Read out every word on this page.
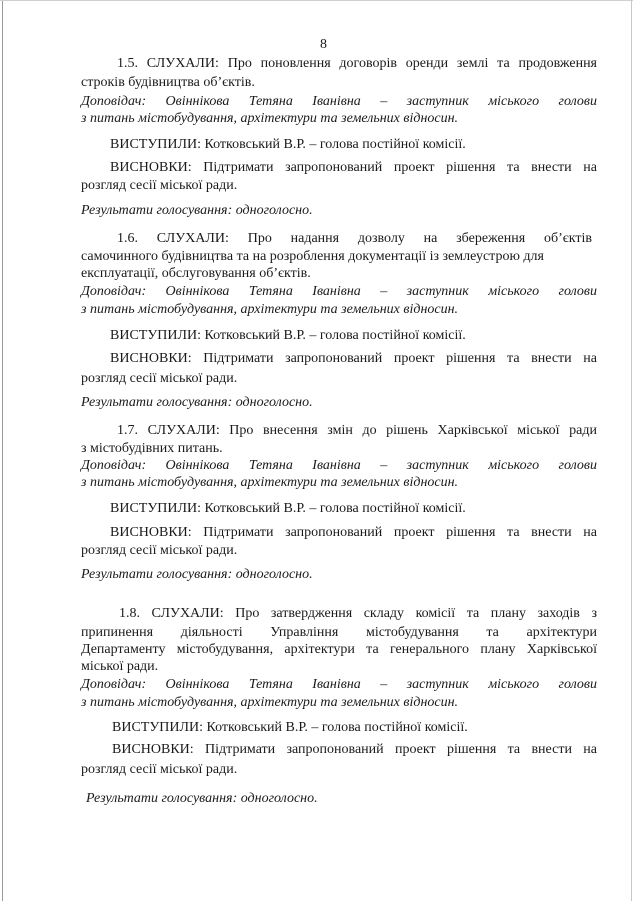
8
1.5. СЛУХАЛИ: Про поновлення договорів оренди землі та продовження
строків будівництва об’єктів.
Доповідач: Овіннікова Тетяна Іванівна – заступник міського голови
з питань містобудування, архітектури та земельних відносин.
ВИСТУПИЛИ: Котковський В.Р. – голова постійної комісії.
ВИСНОВКИ: Підтримати запропонований проект рішення та внести на
розгляд сесії міської ради.
Результати голосування: одноголосно.
1.6. СЛУХАЛИ: Про надання дозволу на збереження об’єктів
самочинного будівництва та на розроблення документації із землеустрою для
експлуатації, обслуговування об’єктів.
Доповідач: Овіннікова Тетяна Іванівна – заступник міського голови
з питань містобудування, архітектури та земельних відносин.
ВИСТУПИЛИ: Котковський В.Р. – голова постійної комісії.
ВИСНОВКИ: Підтримати запропонований проект рішення та внести на
розгляд сесії міської ради.
Результати голосування: одноголосно.
1.7. СЛУХАЛИ: Про внесення змін до рішень Харківської міської ради
з містобудівних питань.
Доповідач: Овіннікова Тетяна Іванівна – заступник міського голови
з питань містобудування, архітектури та земельних відносин.
ВИСТУПИЛИ: Котковський В.Р. – голова постійної комісії.
ВИСНОВКИ: Підтримати запропонований проект рішення та внести на
розгляд сесії міської ради.
Результати голосування: одноголосно.
1.8. СЛУХАЛИ: Про затвердження складу комісії та плану заходів з
припинення діяльності Управління містобудування та архітектури
Департаменту містобудування, архітектури та генерального плану Харківської
міської ради.
Доповідач: Овіннікова Тетяна Іванівна – заступник міського голови
з питань містобудування, архітектури та земельних відносин.
ВИСТУПИЛИ: Котковський В.Р. – голова постійної комісії.
ВИСНОВКИ: Підтримати запропонований проект рішення та внести на
розгляд сесії міської ради.
Результати голосування: одноголосно.
